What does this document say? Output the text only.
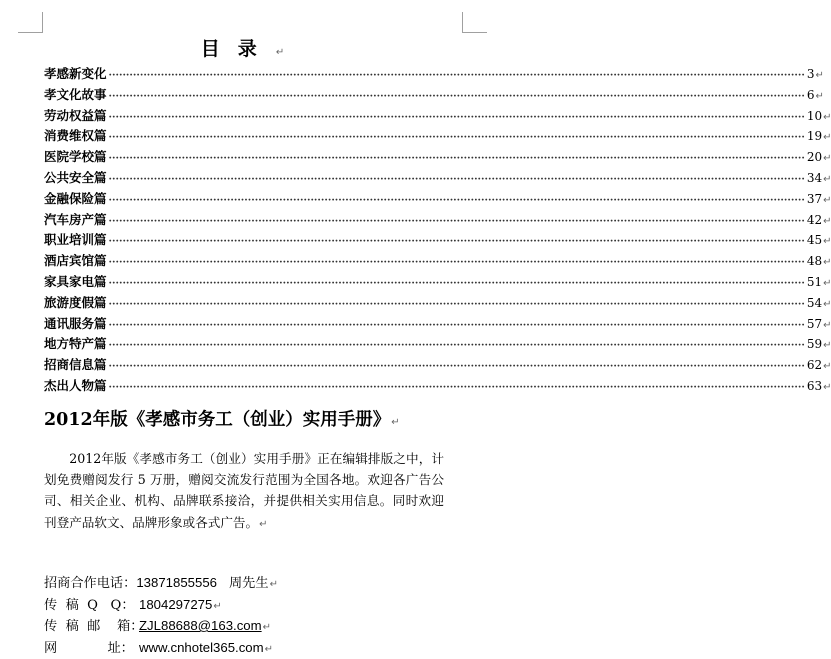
目录↵
孝感新变化 ········································································································································································································ 3 ↵
孝文化故事 ········································································································································································································ 6 ↵
劳动权益篇 ········································································································································································································ 10 ↵
消费维权篇 ········································································································································································································ 19 ↵
医院学校篇 ········································································································································································································ 20 ↵
公共安全篇 ········································································································································································································ 34 ↵
金融保险篇 ········································································································································································································ 37 ↵
汽车房产篇 ········································································································································································································ 42 ↵
职业培训篇 ········································································································································································································ 45 ↵
酒店宾馆篇 ········································································································································································································ 48 ↵
家具家电篇 ········································································································································································································ 51 ↵
旅游度假篇 ········································································································································································································ 54 ↵
通讯服务篇 ········································································································································································································ 57 ↵
地方特产篇 ········································································································································································································ 59 ↵
招商信息篇 ········································································································································································································ 62 ↵
杰出人物篇 ········································································································································································································ 63 ↵
2012年版《孝感市务工（创业）实用手册》↵
2012年版《孝感市务工（创业）实用手册》正在编辑排版之中，计划免费赠阅发行 5 万册，赠阅交流发行范围为全国各地。欢迎各广告公司、相关企业、机构、品牌联系接洽，并提供相关实用信息。同时欢迎刊登产品软文、品牌形象或各式广告。↵
招商合作电话： 13871855556 周先生 ↵
传  稿  Q   Q： 1804297275 ↵
传  稿  邮    箱：
ZJL88688@163.com ↵
网            址： www.cnhotel365.com ↵
